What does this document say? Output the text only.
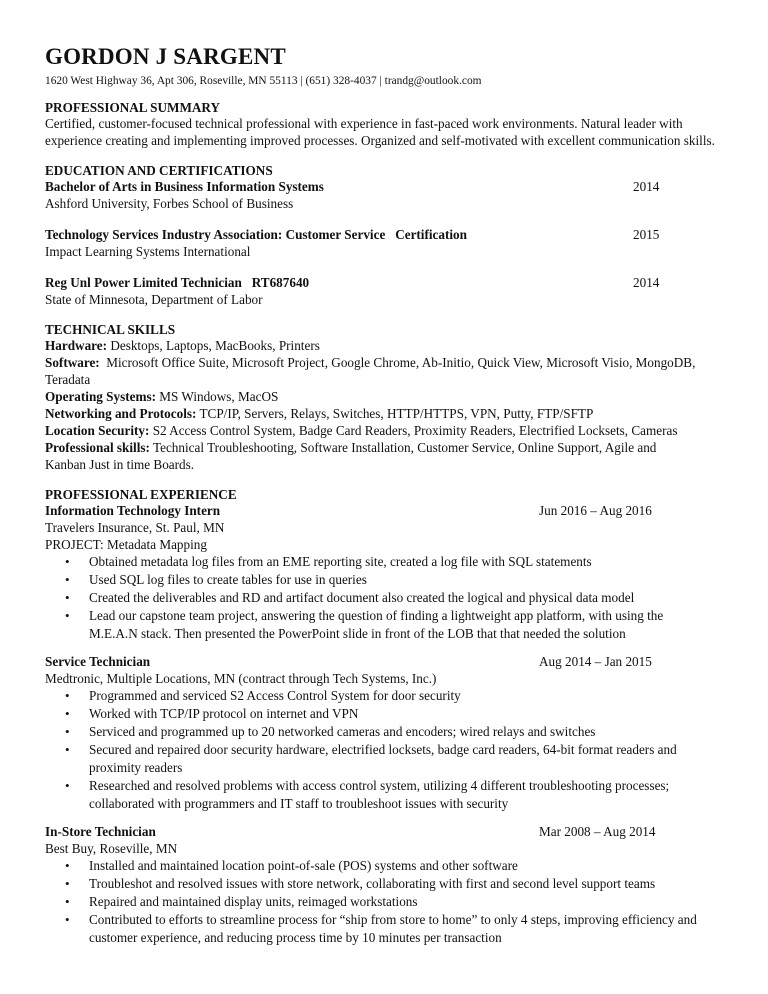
GORDON J SARGENT
1620 West Highway 36, Apt 306, Roseville, MN 55113 | (651) 328-4037 | trandg@outlook.com
PROFESSIONAL SUMMARY
Certified, customer-focused technical professional with experience in fast-paced work environments. Natural leader with experience creating and implementing improved processes. Organized and self-motivated with excellent communication skills.
EDUCATION AND CERTIFICATIONS
Bachelor of Arts in Business Information Systems	2014
Ashford University, Forbes School of Business
Technology Services Industry Association: Customer Service   Certification	2015
Impact Learning Systems International
Reg Unl Power Limited Technician   RT687640	2014
State of Minnesota, Department of Labor
TECHNICAL SKILLS
Hardware: Desktops, Laptops, MacBooks, Printers
Software:  Microsoft Office Suite, Microsoft Project, Google Chrome, Ab-Initio, Quick View, Microsoft Visio, MongoDB, Teradata
Operating Systems: MS Windows, MacOS
Networking and Protocols: TCP/IP, Servers, Relays, Switches, HTTP/HTTPS, VPN, Putty, FTP/SFTP
Location Security: S2 Access Control System, Badge Card Readers, Proximity Readers, Electrified Locksets, Cameras
Professional skills: Technical Troubleshooting, Software Installation, Customer Service, Online Support, Agile and Kanban Just in time Boards.
PROFESSIONAL EXPERIENCE
Information Technology Intern	Jun 2016 – Aug 2016
Travelers Insurance, St. Paul, MN
PROJECT: Metadata Mapping
• Obtained metadata log files from an EME reporting site, created a log file with SQL statements
• Used SQL log files to create tables for use in queries
• Created the deliverables and RD and artifact document also created the logical and physical data model
• Lead our capstone team project, answering the question of finding a lightweight app platform, with using the M.E.A.N stack. Then presented the PowerPoint slide in front of the LOB that that needed the solution
Service Technician	Aug 2014 – Jan 2015
Medtronic, Multiple Locations, MN (contract through Tech Systems, Inc.)
• Programmed and serviced S2 Access Control System for door security
• Worked with TCP/IP protocol on internet and VPN
• Serviced and programmed up to 20 networked cameras and encoders; wired relays and switches
• Secured and repaired door security hardware, electrified locksets, badge card readers, 64-bit format readers and proximity readers
• Researched and resolved problems with access control system, utilizing 4 different troubleshooting processes; collaborated with programmers and IT staff to troubleshoot issues with security
In-Store Technician	Mar 2008 – Aug 2014
Best Buy, Roseville, MN
• Installed and maintained location point-of-sale (POS) systems and other software
• Troubleshot and resolved issues with store network, collaborating with first and second level support teams
• Repaired and maintained display units, reimaged workstations
• Contributed to efforts to streamline process for “ship from store to home” to only 4 steps, improving efficiency and customer experience, and reducing process time by 10 minutes per transaction
